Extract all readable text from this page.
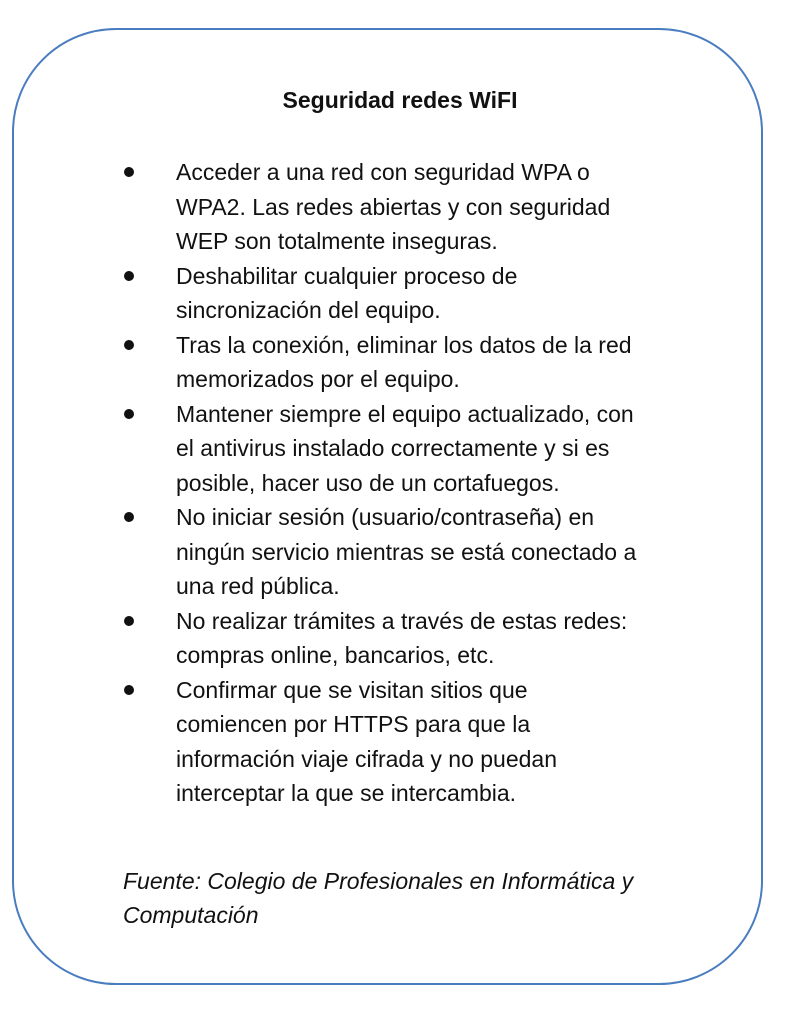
Seguridad redes WiFI
Acceder a una red con seguridad WPA o
WPA2. Las redes abiertas y con seguridad
WEP son totalmente inseguras.
Deshabilitar cualquier proceso de
sincronización del equipo.
Tras la conexión, eliminar los datos de la red
memorizados por el equipo.
Mantener siempre el equipo actualizado, con
el antivirus instalado correctamente y si es
posible, hacer uso de un cortafuegos.
No iniciar sesión (usuario/contraseña) en
ningún servicio mientras se está conectado a
una red pública.
No realizar trámites a través de estas redes:
compras online, bancarios, etc.
Confirmar que se visitan sitios que
comiencen por HTTPS para que la
información viaje cifrada y no puedan
interceptar la que se intercambia.

Fuente: Colegio de Profesionales en Informática y
Computación
